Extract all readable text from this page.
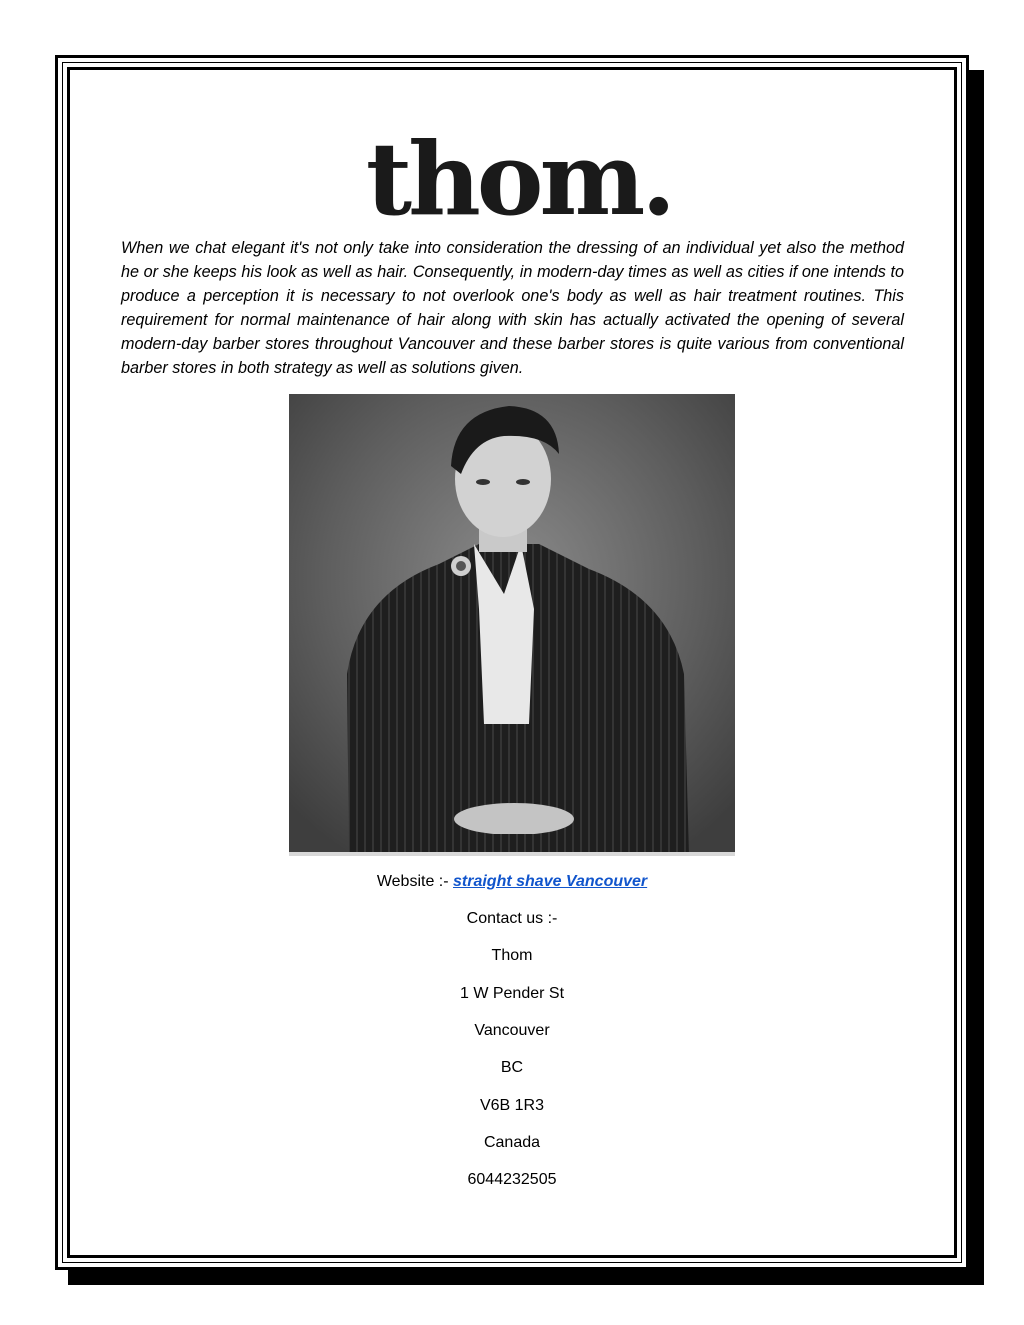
thom.

When we chat elegant it's not only take into consideration the dressing of an individual yet also the method he or she keeps his look as well as hair. Consequently, in modern-day times as well as cities if one intends to produce a perception it is necessary to not overlook one's body as well as hair treatment routines. This requirement for normal maintenance of hair along with skin has actually activated the opening of several modern-day barber stores throughout Vancouver and these barber stores is quite various from conventional barber stores in both strategy as well as solutions given.

Website :- straight shave Vancouver

Contact us :-

Thom

1 W Pender St

Vancouver

BC

V6B 1R3

Canada

6044232505
